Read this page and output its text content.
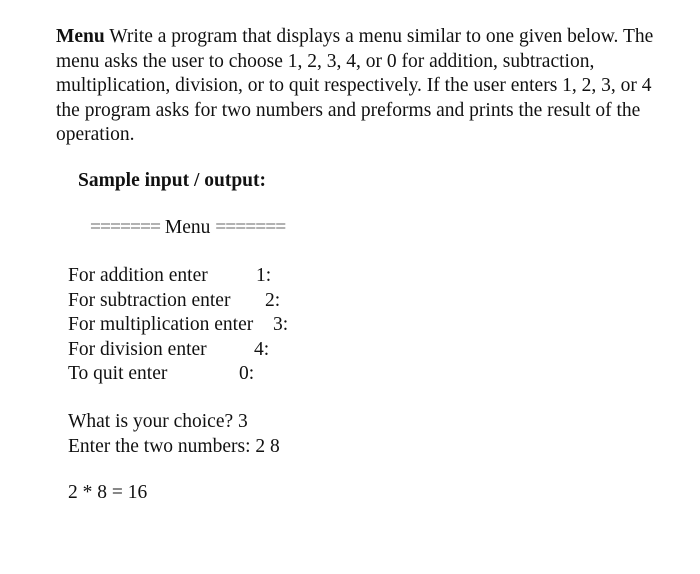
Menu Write a program that displays a menu similar to one given below. The menu asks the user to choose 1, 2, 3, 4, or 0 for addition, subtraction, multiplication, division, or to quit respectively. If the user enters 1, 2, 3, or 4 the program asks for two numbers and preforms and prints the result of the operation.

Sample input / output:

======= Menu =======
For addition enter 1:
For subtraction enter 2:
For multiplication enter 3:
For division enter 4:
To quit enter	0:
What is your choice? 3
Enter the two numbers: 2 8
2 * 8 = 16
